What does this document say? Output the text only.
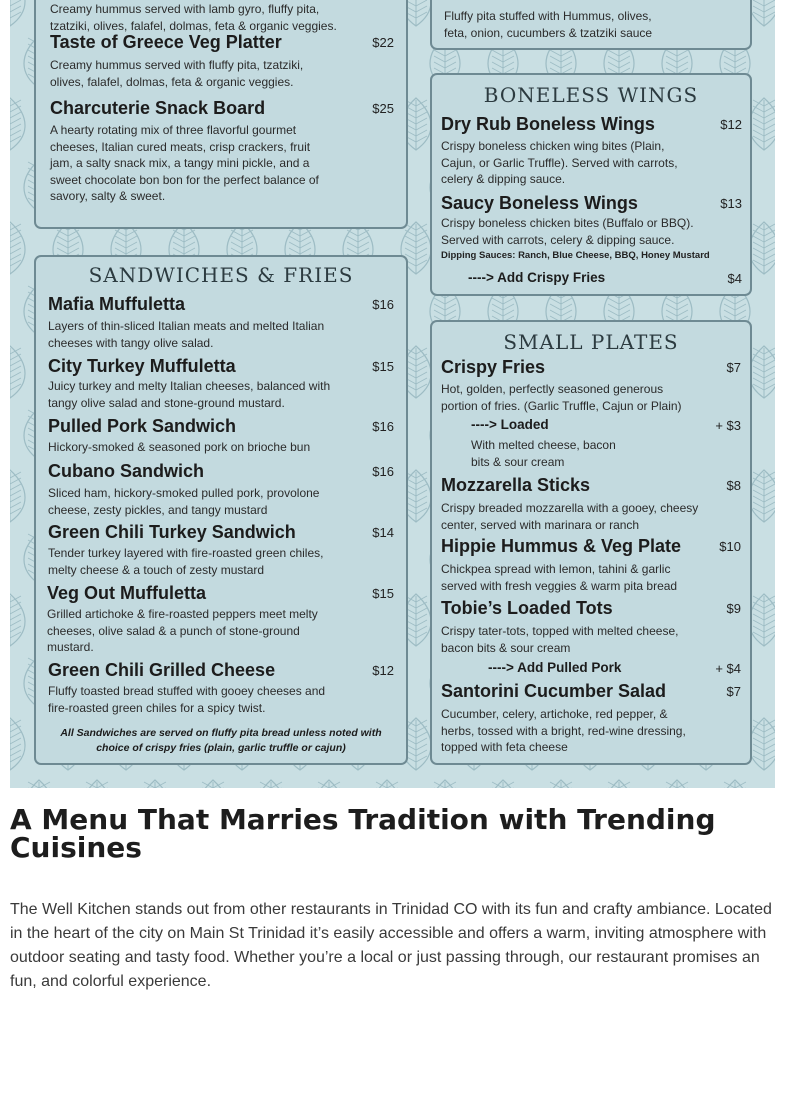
Creamy hummus served with lamb gyro, fluffy pita,
tzatziki, olives, falafel, dolmas, feta & organic veggies.
Taste of Greece Veg Platter	$22
Creamy hummus served with fluffy pita, tzatziki,
olives, falafel, dolmas, feta & organic veggies.
Charcuterie Snack Board	$25
A hearty rotating mix of three flavorful gourmet
cheeses, Italian cured meats, crisp crackers, fruit
jam, a salty snack mix, a tangy mini pickle, and a
sweet chocolate bon bon for the perfect balance of
savory, salty & sweet.
Fluffy pita stuffed with Hummus, olives,
feta, onion, cucumbers & tzatziki sauce
SANDWICHES & FRIES
Mafia Muffuletta	$16
Layers of thin-sliced Italian meats and melted Italian
cheeses with tangy olive salad.
City Turkey Muffuletta	$15
Juicy turkey and melty Italian cheeses, balanced with
tangy olive salad and stone-ground mustard.
Pulled Pork Sandwich	$16
Hickory-smoked & seasoned pork on brioche bun
Cubano Sandwich	$16
Sliced ham, hickory-smoked pulled pork, provolone
cheese, zesty pickles, and tangy mustard
Green Chili Turkey Sandwich	$14
Tender turkey layered with fire-roasted green chiles,
melty cheese & a touch of zesty mustard
Veg Out Muffuletta	$15
Grilled artichoke & fire-roasted peppers meet melty
cheeses, olive salad & a punch of stone-ground
mustard.
Green Chili Grilled Cheese	$12
Fluffy toasted bread stuffed with gooey cheeses and
fire-roasted green chiles for a spicy twist.
All Sandwiches are served on fluffy pita bread unless noted with
choice of crispy fries (plain, garlic truffle or cajun)
BONELESS WINGS
Dry Rub Boneless Wings	$12
Crispy boneless chicken wing bites (Plain,
Cajun, or Garlic Truffle). Served with carrots,
celery & dipping sauce.
Saucy Boneless Wings	$13
Crispy boneless chicken bites (Buffalo or BBQ).
Served with carrots, celery & dipping sauce.
Dipping Sauces: Ranch, Blue Cheese, BBQ, Honey Mustard
----> Add Crispy Fries	$4
SMALL PLATES
Crispy Fries	$7
Hot, golden, perfectly seasoned generous
portion of fries. (Garlic Truffle, Cajun or Plain)
----> Loaded	+ $3
With melted cheese, bacon
bits & sour cream
Mozzarella Sticks	$8
Crispy breaded mozzarella with a gooey, cheesy
center, served with marinara or ranch
Hippie Hummus & Veg Plate	$10
Chickpea spread with lemon, tahini & garlic
served with fresh veggies & warm pita bread
Tobie’s Loaded Tots	$9
Crispy tater-tots, topped with melted cheese,
bacon bits & sour cream
----> Add Pulled Pork	+ $4
Santorini Cucumber Salad	$7
Cucumber, celery, artichoke, red pepper, &
herbs, tossed with a bright, red-wine dressing,
topped with feta cheese
A Menu That Marries Tradition with Trending Cuisines

The Well Kitchen stands out from other restaurants in Trinidad CO with its fun and crafty ambiance. Located in the heart of the city on Main St Trinidad it’s easily accessible and offers a warm, inviting atmosphere with outdoor seating and tasty food. Whether you’re a local or just passing through, our restaurant promises an fun, and colorful experience.
